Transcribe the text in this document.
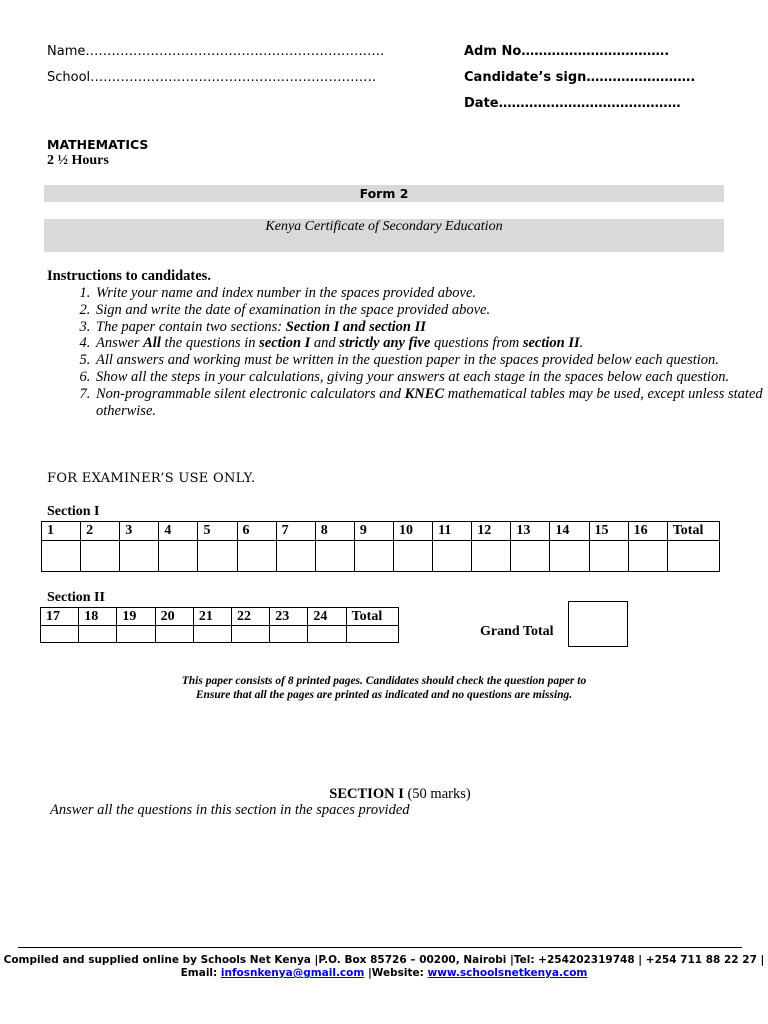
Name……………………………………………………………	Adm No…………………………….
School…………………………………………………………	Candidate’s sign…………………….
Date……………………………………
MATHEMATICS
2 ½ Hours
Form 2
Kenya Certificate of Secondary Education
Instructions to candidates.
1. Write your name and index number in the spaces provided above.
2. Sign and write the date of examination in the space provided above.
3. The paper contain two sections: Section I and section II
4. Answer All the questions in section I and strictly any five questions from section II.
5. All answers and working must be written in the question paper in the spaces provided below each question.
6. Show all the steps in your calculations, giving your answers at each stage in the spaces below each question.
7. Non-programmable silent electronic calculators and KNEC mathematical tables may be used, except unless stated otherwise.
FOR EXAMINER’S USE ONLY.
Section I
1	2	3	4	5	6	7	8	9	10	11	12	13	14	15	16	Total

Section II
17	18	19	20	21	22	23	24	Total

Grand Total
This paper consists of 8 printed pages. Candidates should check the question paper to
Ensure that all the pages are printed as indicated and no questions are missing.
SECTION I (50 marks)
Answer all the questions in this section in the spaces provided
Compiled and supplied online by Schools Net Kenya |P.O. Box 85726 – 00200, Nairobi |Tel: +254202319748 | +254 711 88 22 27 |
Email: infosnkenya@gmail.com |Website: www.schoolsnetkenya.com
